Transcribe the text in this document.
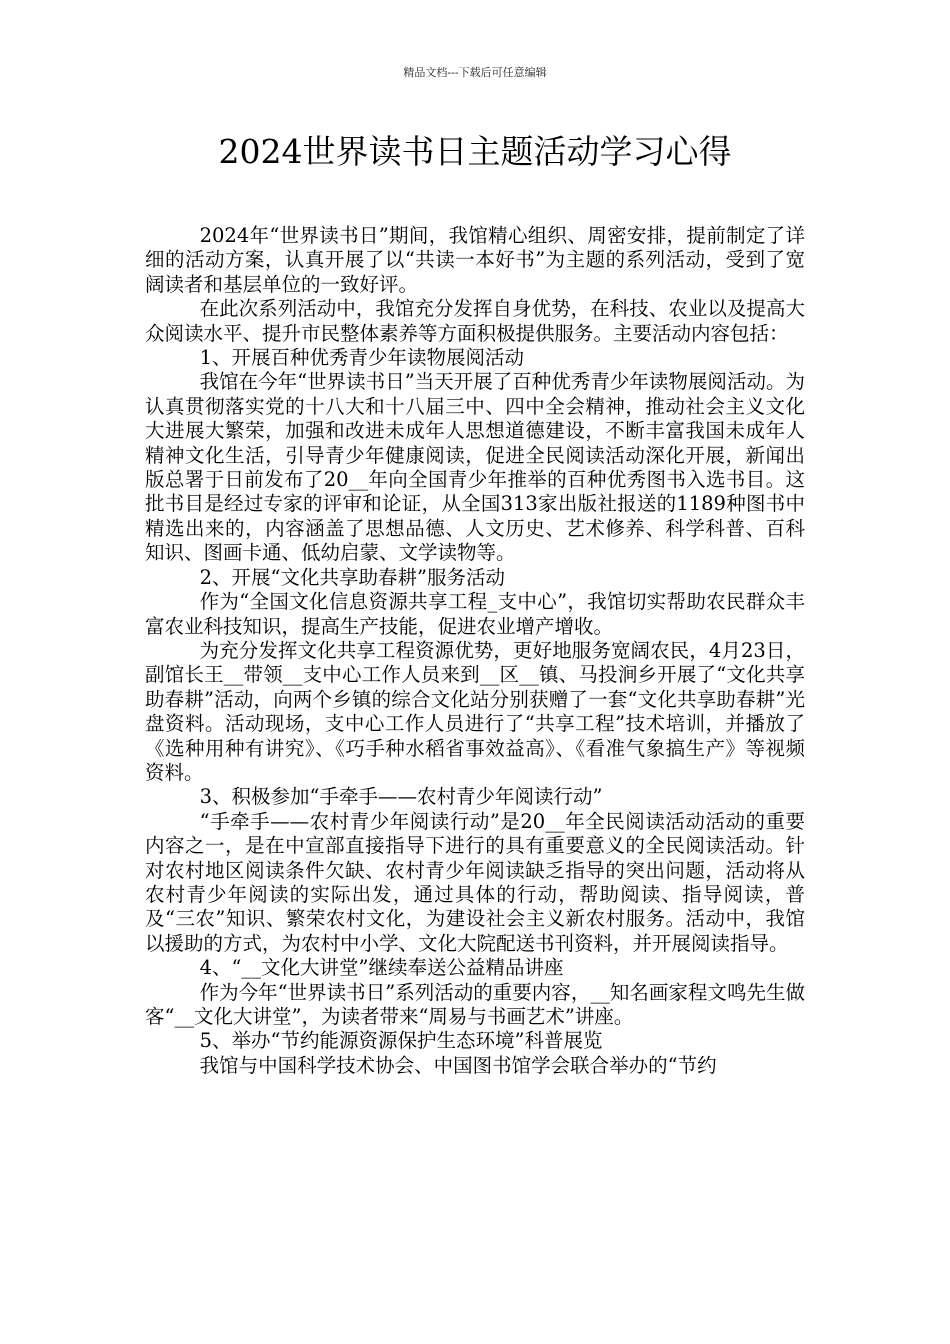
精品文档---下载后可任意编辑
2024世界读书日主题活动学习心得

2024年“世界读书日”期间，我馆精心组织、周密安排，提前制定了详细的活动方案，认真开展了以“共读一本好书”为主题的系列活动，受到了宽阔读者和基层单位的一致好评。

在此次系列活动中，我馆充分发挥自身优势，在科技、农业以及提高大众阅读水平、提升市民整体素养等方面积极提供服务。主要活动内容包括：

1、开展百种优秀青少年读物展阅活动

我馆在今年“世界读书日”当天开展了百种优秀青少年读物展阅活动。为认真贯彻落实党的十八大和十八届三中、四中全会精神，推动社会主义文化大进展大繁荣，加强和改进未成年人思想道德建设，不断丰富我国未成年人精神文化生活，引导青少年健康阅读，促进全民阅读活动深化开展，新闻出版总署于日前发布了20__年向全国青少年推举的百种优秀图书入选书目。这批书目是经过专家的评审和论证，从全国313家出版社报送的1189种图书中精选出来的，内容涵盖了思想品德、人文历史、艺术修养、科学科普、百科知识、图画卡通、低幼启蒙、文学读物等。

2、开展“文化共享助春耕”服务活动

作为“全国文化信息资源共享工程_支中心”，我馆切实帮助农民群众丰富农业科技知识，提高生产技能，促进农业增产增收。

为充分发挥文化共享工程资源优势，更好地服务宽阔农民，4月23日，副馆长王__带领__支中心工作人员来到__区__镇、马投涧乡开展了“文化共享助春耕”活动，向两个乡镇的综合文化站分别获赠了一套“文化共享助春耕”光盘资料。活动现场，支中心工作人员进行了“共享工程”技术培训，并播放了《选种用种有讲究》、《巧手种水稻省事效益高》、《看准气象搞生产》等视频资料。

3、积极参加“手牵手——农村青少年阅读行动”

“手牵手——农村青少年阅读行动”是20__年全民阅读活动活动的重要内容之一，是在中宣部直接指导下进行的具有重要意义的全民阅读活动。针对农村地区阅读条件欠缺、农村青少年阅读缺乏指导的突出问题，活动将从农村青少年阅读的实际出发，通过具体的行动，帮助阅读、指导阅读，普及“三农”知识、繁荣农村文化，为建设社会主义新农村服务。活动中，我馆以援助的方式，为农村中小学、文化大院配送书刊资料，并开展阅读指导。

4、“__文化大讲堂”继续奉送公益精品讲座

作为今年“世界读书日”系列活动的重要内容，__知名画家程文鸣先生做客“__文化大讲堂”，为读者带来“周易与书画艺术”讲座。

5、举办“节约能源资源保护生态环境”科普展览

我馆与中国科学技术协会、中国图书馆学会联合举办的“节约
